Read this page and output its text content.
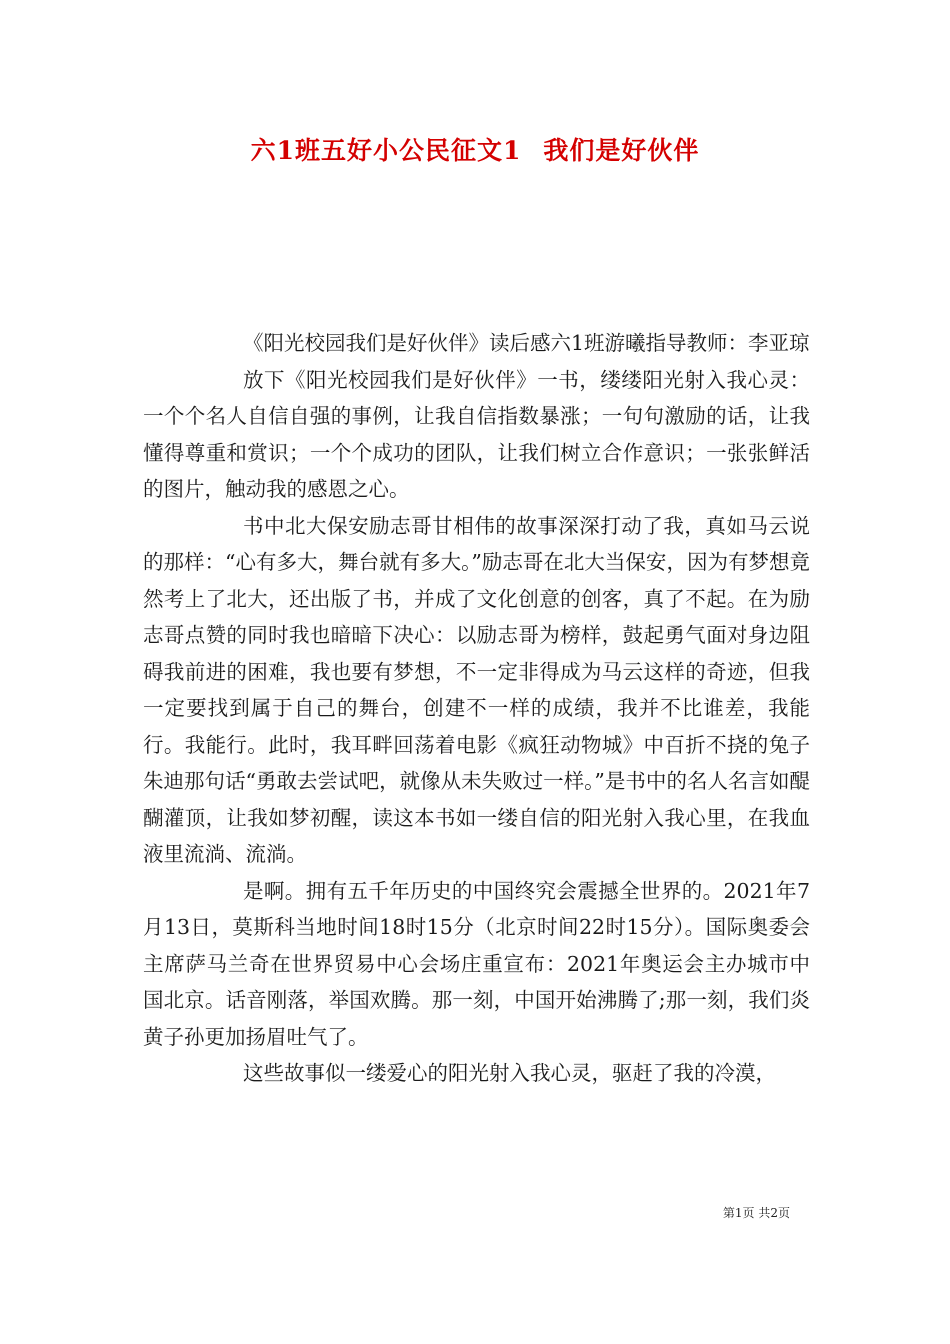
六1班五好小公民征文1 我们是好伙伴

《阳光校园我们是好伙伴》读后感六1班游曦指导教师：李亚琼

放下《阳光校园我们是好伙伴》一书，缕缕阳光射入我心灵：一个个名人自信自强的事例，让我自信指数暴涨；一句句激励的话，让我懂得尊重和赏识；一个个成功的团队，让我们树立合作意识；一张张鲜活的图片，触动我的感恩之心。

书中北大保安励志哥甘相伟的故事深深打动了我，真如马云说的那样：“心有多大，舞台就有多大。”励志哥在北大当保安，因为有梦想竟然考上了北大，还出版了书，并成了文化创意的创客，真了不起。在为励志哥点赞的同时我也暗暗下决心：以励志哥为榜样，鼓起勇气面对身边阻碍我前进的困难，我也要有梦想，不一定非得成为马云这样的奇迹，但我一定要找到属于自己的舞台，创建不一样的成绩，我并不比谁差，我能行。我能行。此时，我耳畔回荡着电影《疯狂动物城》中百折不挠的兔子朱迪那句话“勇敢去尝试吧，就像从未失败过一样。”是书中的名人名言如醍醐灌顶，让我如梦初醒，读这本书如一缕自信的阳光射入我心里，在我血液里流淌、流淌。

是啊。拥有五千年历史的中国终究会震撼全世界的。2021年7月13日，莫斯科当地时间18时15分（北京时间22时15分）。国际奥委会主席萨马兰奇在世界贸易中心会场庄重宣布：2021年奥运会主办城市中国北京。话音刚落，举国欢腾。那一刻，中国开始沸腾了;那一刻，我们炎黄子孙更加扬眉吐气了。

这些故事似一缕爱心的阳光射入我心灵，驱赶了我的冷漠，

第1页 共2页
